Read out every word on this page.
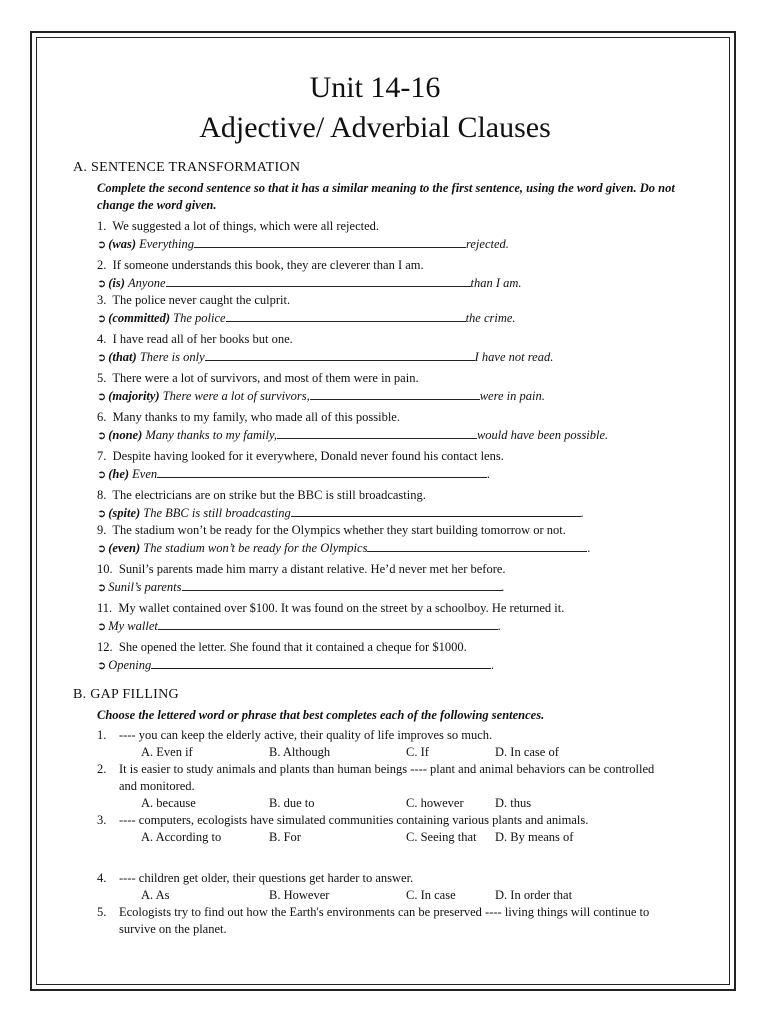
Unit 14-16
Adjective/ Adverbial Clauses
A. SENTENCE TRANSFORMATION
Complete the second sentence so that it has a similar meaning to the first sentence, using the word given. Do not change the word given.
1.  We suggested a lot of things, which were all rejected.
➲ (was) Everything	rejected.
2.  If someone understands this book, they are cleverer than I am.
➲ (is) Anyone	than I am.
3.  The police never caught the culprit.
➲ (committed) The police	the crime.
4.  I have read all of her books but one.
➲ (that) There is only	I have not read.
5.  There were a lot of survivors, and most of them were in pain.
➲ (majority) There were a lot of survivors,	were in pain.
6.  Many thanks to my family, who made all of this possible.
➲ (none) Many thanks to my family,	would have been possible.
7.  Despite having looked for it everywhere, Donald never found his contact lens.
➲ (he) Even	.
8.  The electricians are on strike but the BBC is still broadcasting.
➲ (spite) The BBC is still broadcasting	.
9.  The stadium won’t be ready for the Olympics whether they start building tomorrow or not.
➲ (even) The stadium won’t be ready for the Olympics	.
10.  Sunil’s parents made him marry a distant relative. He’d never met her before.
➲ Sunil’s parents	.
11.  My wallet contained over $100. It was found on the street by a schoolboy. He returned it.
➲ My wallet	.
12.  She opened the letter. She found that it contained a cheque for $1000.
➲ Opening	.
B. GAP FILLING
Choose the lettered word or phrase that best completes each of the following sentences.
1. ---- you can keep the elderly active, their quality of life improves so much.
A. Even if	B. Although	C. If	D. In case of
2. It is easier to study animals and plants than human beings ---- plant and animal behaviors can be controlled and monitored.
A. because	B. due to	C. however	D. thus
3. ---- computers, ecologists have simulated communities containing various plants and animals.
A. According to	B. For	C. Seeing that	D. By means of
4. ---- children get older, their questions get harder to answer.
A. As	B. However	C. In case	D. In order that
5. Ecologists try to find out how the Earth's environments can be preserved ---- living things will continue to survive on the planet.
